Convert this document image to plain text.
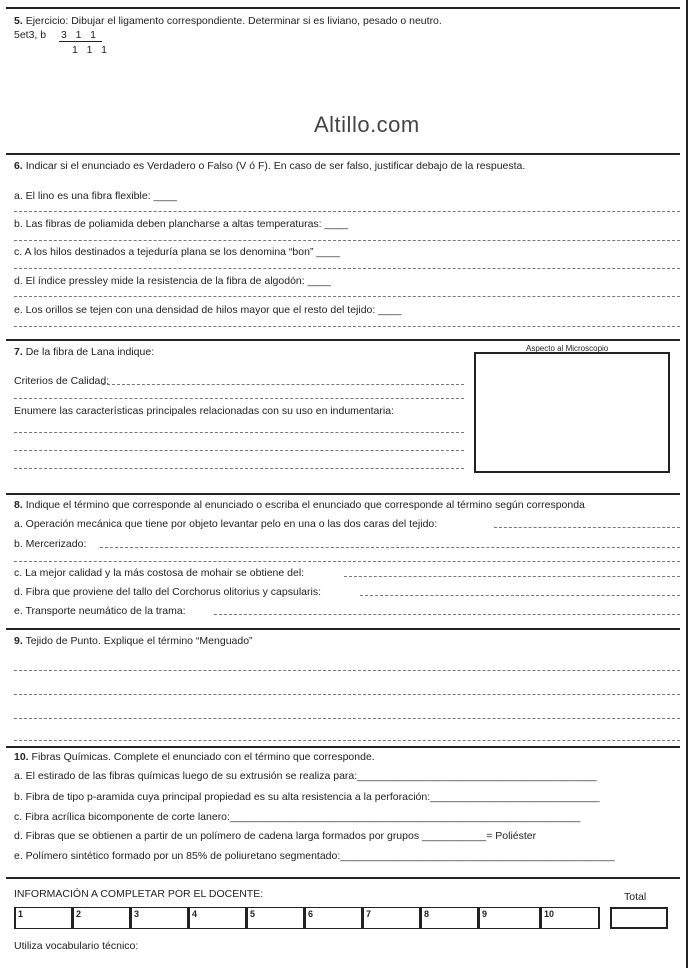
5. Ejercicio: Dibujar el ligamento correspondiente. Determinar si es liviano, pesado o neutro.
5et3, b 3   1   1
1   1   1
Altillo.com
6. Indicar si el enunciado es Verdadero o Falso (V ó F). En caso de ser falso, justificar debajo de la respuesta.
a. El lino es una fibra flexible: ____
b. Las fibras de poliamida deben plancharse a altas temperaturas: ____
c. A los hilos destinados a tejeduría plana se los denomina “bon” ____
d. El índice pressley mide la resistencia de la fibra de algodón: ____
e. Los orillos se tejen con una densidad de hilos mayor que el resto del tejido: ____
7. De la fibra de Lana indique:	Aspecto al Microscopio
Criterios de Calidad:
Enumere las características principales relacionadas con su uso en indumentaria:
8. Indique el término que corresponde al enunciado o escriba el enunciado que corresponde al término según corresponda
a. Operación mecánica que tiene por objeto levantar pelo en una o las dos caras del tejido:
b. Mercerizado:
c. La mejor calidad y la más costosa de mohair se obtiene del:
d. Fibra que proviene del tallo del Corchorus olitorius y capsularis:
e. Transporte neumático de la trama:
9. Tejido de Punto. Explique el término “Menguado”
10. Fibras Químicas. Complete el enunciado con el término que corresponde.
a. El estirado de las fibras químicas luego de su extrusión se realiza para:_________________________________________
b. Fibra de tipo p-aramida cuya principal propiedad es su alta resistencia a la perforación:_____________________________
c. Fibra acrílica bicomponente de corte lanero:____________________________________________________________
d. Fibras que se obtienen a partir de un polímero de cadena larga formados por grupos ___________= Poliéster
e. Polímero sintético formado por un 85% de poliuretano segmentado:_______________________________________________
INFORMACIÓN A COMPLETAR POR EL DOCENTE:	Total
1	2	3	4	5	6	7	8	9	10
Utiliza vocabulario técnico:
